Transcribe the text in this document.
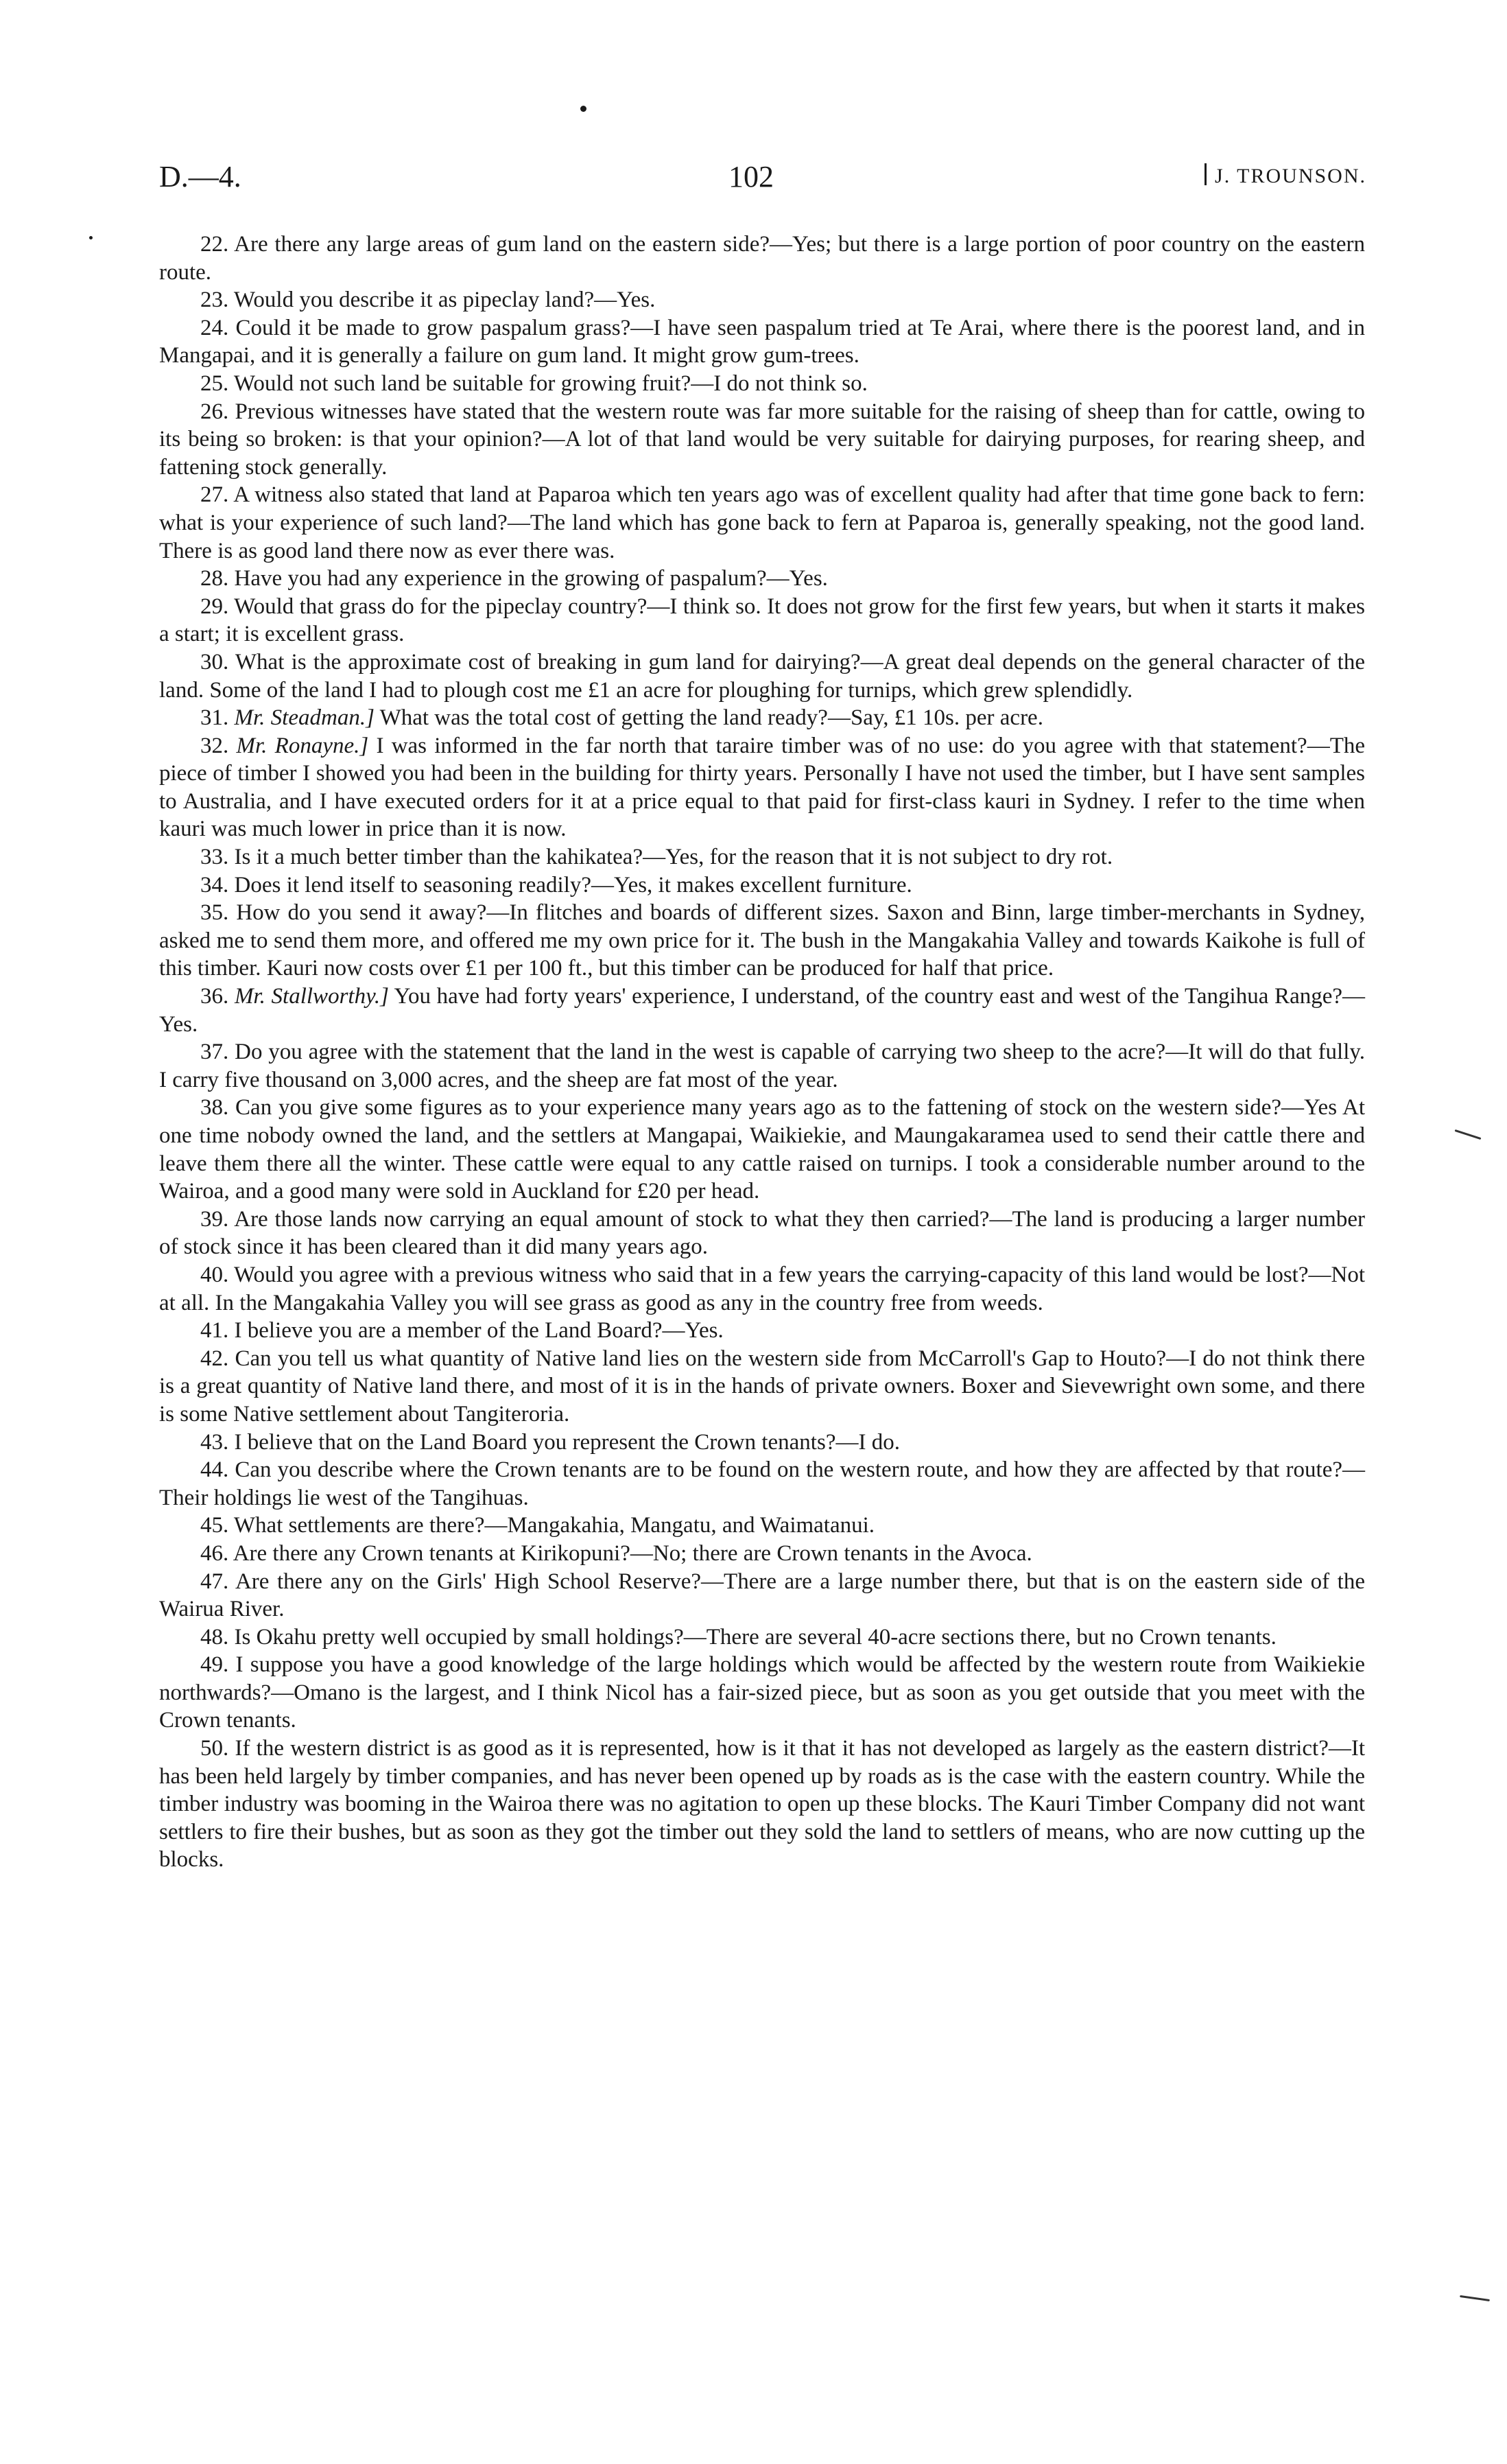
D.—4.	102	J. TROUNSON.

22. Are there any large areas of gum land on the eastern side?—Yes; but there is a large portion of poor country on the eastern route.

23. Would you describe it as pipeclay land?—Yes.

24. Could it be made to grow paspalum grass?—I have seen paspalum tried at Te Arai, where there is the poorest land, and in Mangapai, and it is generally a failure on gum land. It might grow gum-trees.

25. Would not such land be suitable for growing fruit?—I do not think so.

26. Previous witnesses have stated that the western route was far more suitable for the raising of sheep than for cattle, owing to its being so broken: is that your opinion?—A lot of that land would be very suitable for dairying purposes, for rearing sheep, and fattening stock generally.

27. A witness also stated that land at Paparoa which ten years ago was of excellent quality had after that time gone back to fern: what is your experience of such land?—The land which has gone back to fern at Paparoa is, generally speaking, not the good land. There is as good land there now as ever there was.

28. Have you had any experience in the growing of paspalum?—Yes.

29. Would that grass do for the pipeclay country?—I think so. It does not grow for the first few years, but when it starts it makes a start; it is excellent grass.

30. What is the approximate cost of breaking in gum land for dairying?—A great deal depends on the general character of the land. Some of the land I had to plough cost me £1 an acre for ploughing for turnips, which grew splendidly.

31. Mr. Steadman.] What was the total cost of getting the land ready?—Say, £1 10s. per acre.

32. Mr. Ronayne.] I was informed in the far north that taraire timber was of no use: do you agree with that statement?—The piece of timber I showed you had been in the building for thirty years. Personally I have not used the timber, but I have sent samples to Australia, and I have executed orders for it at a price equal to that paid for first-class kauri in Sydney. I refer to the time when kauri was much lower in price than it is now.

33. Is it a much better timber than the kahikatea?—Yes, for the reason that it is not subject to dry rot.

34. Does it lend itself to seasoning readily?—Yes, it makes excellent furniture.

35. How do you send it away?—In flitches and boards of different sizes. Saxon and Binn, large timber-merchants in Sydney, asked me to send them more, and offered me my own price for it. The bush in the Mangakahia Valley and towards Kaikohe is full of this timber. Kauri now costs over £1 per 100 ft., but this timber can be produced for half that price.

36. Mr. Stallworthy.] You have had forty years' experience, I understand, of the country east and west of the Tangihua Range?—Yes.

37. Do you agree with the statement that the land in the west is capable of carrying two sheep to the acre?—It will do that fully. I carry five thousand on 3,000 acres, and the sheep are fat most of the year.

38. Can you give some figures as to your experience many years ago as to the fattening of stock on the western side?—Yes At one time nobody owned the land, and the settlers at Mangapai, Waikiekie, and Maungakaramea used to send their cattle there and leave them there all the winter. These cattle were equal to any cattle raised on turnips. I took a considerable number around to the Wairoa, and a good many were sold in Auckland for £20 per head.

39. Are those lands now carrying an equal amount of stock to what they then carried?—The land is producing a larger number of stock since it has been cleared than it did many years ago.

40. Would you agree with a previous witness who said that in a few years the carrying-capacity of this land would be lost?—Not at all. In the Mangakahia Valley you will see grass as good as any in the country free from weeds.

41. I believe you are a member of the Land Board?—Yes.

42. Can you tell us what quantity of Native land lies on the western side from McCarroll's Gap to Houto?—I do not think there is a great quantity of Native land there, and most of it is in the hands of private owners. Boxer and Sievewright own some, and there is some Native settlement about Tangiteroria.

43. I believe that on the Land Board you represent the Crown tenants?—I do.

44. Can you describe where the Crown tenants are to be found on the western route, and how they are affected by that route?—Their holdings lie west of the Tangihuas.

45. What settlements are there?—Mangakahia, Mangatu, and Waimatanui.

46. Are there any Crown tenants at Kirikopuni?—No; there are Crown tenants in the Avoca.

47. Are there any on the Girls' High School Reserve?—There are a large number there, but that is on the eastern side of the Wairua River.

48. Is Okahu pretty well occupied by small holdings?—There are several 40-acre sections there, but no Crown tenants.

49. I suppose you have a good knowledge of the large holdings which would be affected by the western route from Waikiekie northwards?—Omano is the largest, and I think Nicol has a fair-sized piece, but as soon as you get outside that you meet with the Crown tenants.

50. If the western district is as good as it is represented, how is it that it has not developed as largely as the eastern district?—It has been held largely by timber companies, and has never been opened up by roads as is the case with the eastern country. While the timber industry was booming in the Wairoa there was no agitation to open up these blocks. The Kauri Timber Company did not want settlers to fire their bushes, but as soon as they got the timber out they sold the land to settlers of means, who are now cutting up the blocks.
